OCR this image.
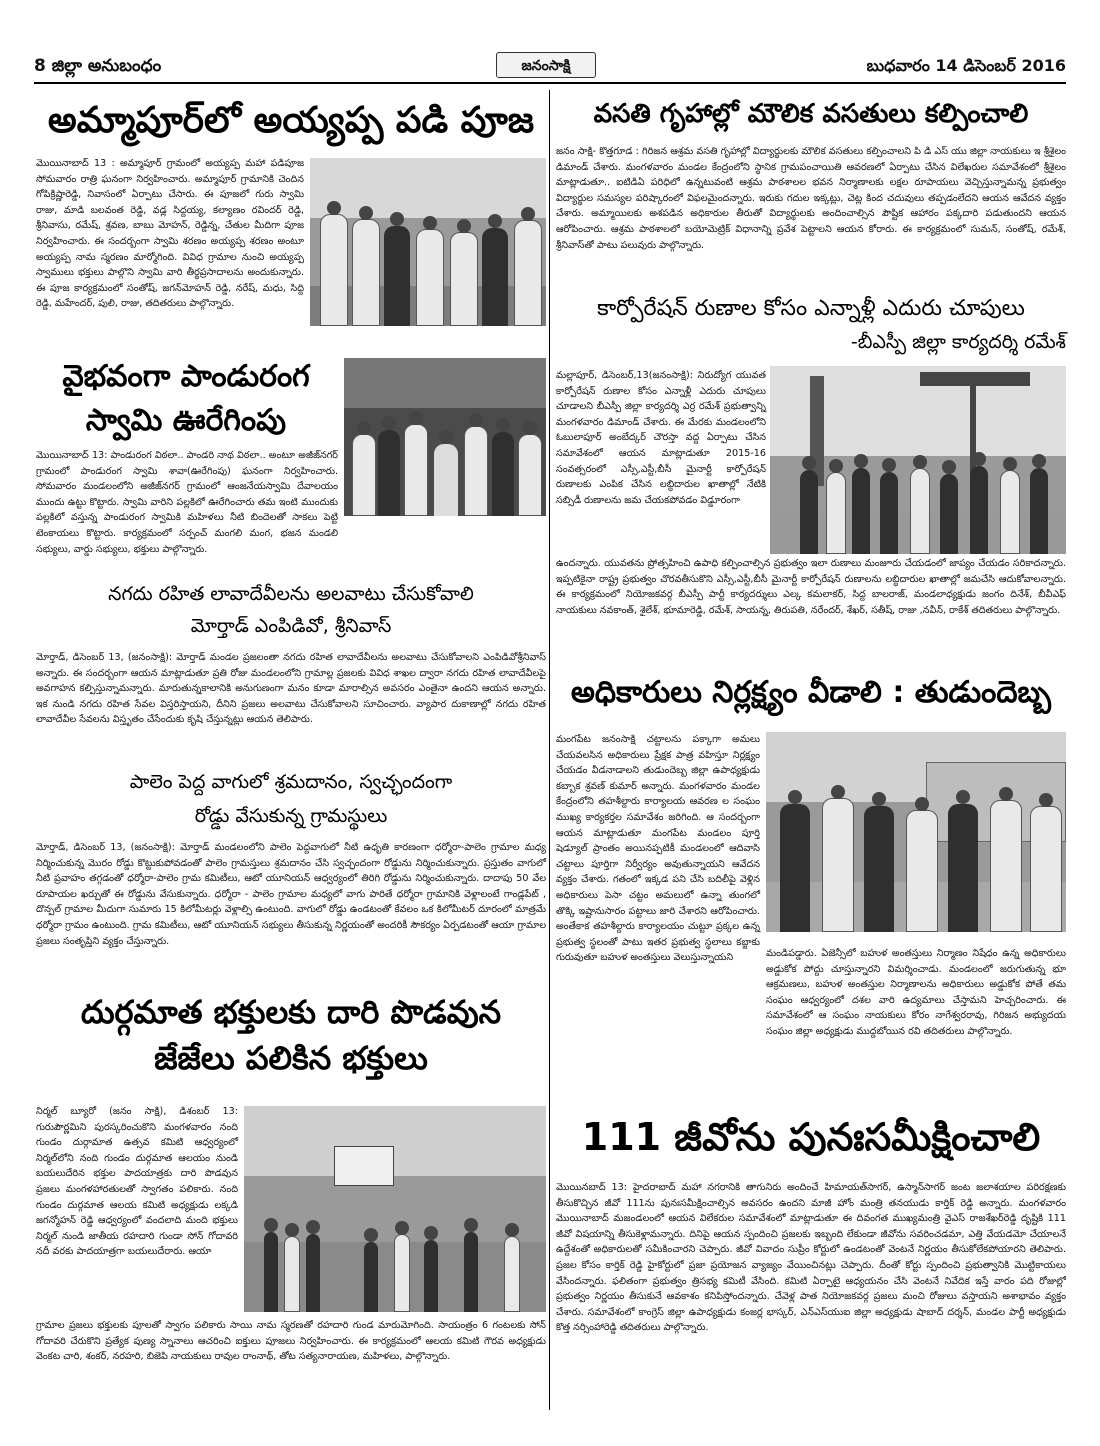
8 జిల్లా అనుబంధం	జనంసాక్షి	బుధవారం 14 డిసెంబర్ 2016
అమ్మాపూర్‌లో అయ్యప్ప పడి పూజ
మొయినాబాద్ 13 : అమ్మాపూర్ గ్రామంలో అయ్యప్ప మహా పడిపూజ సోమవారం రాత్రి ఘనంగా నిర్వహించారు. అమ్మాపూర్ గ్రామానికి చెందిన గోపిక్రిష్ణారెడ్డి, నివాసంలో ఏర్పాటు చేసారు. ఈ పూజలో గురు స్వామి రాజు, మాడి బలవంత రెడ్డి, వడ్ల సిద్దయ్య, కల్యాణం రవిందర్ రెడ్డి, శ్రీనివాసు, రమేష్, శ్రవణ, బాబు మోహన్, రెడ్డిన్న, చేతుల మీదిగా పూజ నిర్వహించారు. ఈ సందర్బంగా స్వామి శరణం అయ్యప్ప శరణం అంటూ అయ్యప్ప నామ స్మరణం మార్మోగింది. వివిధ గ్రామాల నుంచి అయ్యప్ప స్వాములు భక్తులు పాల్గొని స్వామి వారి తీర్థప్రసాదాలను అందుకున్నారు. ఈ పూజ కార్యక్రమంలో సంతోష్, జగన్‌మోహన్ రెడ్డి, నరేష్, మధు, సిద్ది రెడ్డి, మహేందర్, పులి, రాజు, తదితరులు పాల్గొన్నారు.
వైభవంగా పాండురంగ
స్వామి ఊరేగింపు
మొయినాబాద్ 13: పాండురంగ విఠలా.. పాండరి నాథ విఠలా.. అంటూ అజీజ్‌నగర్ గ్రామంలో పాండురంగ స్వామి శావా(ఊరేగింపు) ఘనంగా నిర్వహించారు. సోమవారం మండలంలోని అజీజ్‌నగర్ గ్రామంలో ఆంజనేయస్వామి దేవాలయం ముందు ఉట్టు కొట్టారు. స్వామి వారిని పల్లకిలో ఊరేగించారు తమ ఇంటి ముందుకు పల్లకిలో వస్తున్న పాండురంగ స్వామికి మహిళలు నీటి బిందెలతో సాకలు పెట్టి టెంకాయలు కొట్టారు. కార్యక్రమంలో సర్పంచ్ మంగలి మంగ, భజన మండలి సభ్యులు, వార్డు సభ్యులు, భక్తులు పాల్గొన్నారు.
నగదు రహిత లావాదేవీలను అలవాటు చేసుకోవాలి
మోర్తాడ్ ఎంపిడివో, శ్రీనివాస్
మోర్తాడ్, డిసెంబర్ 13, (జనంసాక్షి): మోర్తాడ్ మండల ప్రజలంతా నగదు రహిత లావాదేవీలను అలవాటు చేసుకోవాలని ఎంపిడివోశ్రీనివాస్ అన్నారు. ఈ సందర్బంగా ఆయన మాట్లాడుతూ ప్రతి రోజు మండలంలోని గ్రామాల్ల ప్రజలకు వివిధ శాఖల ద్వారా నగదు రహిత లావాదేవీలపై అవగాహన కల్పిస్తున్నామన్నారు. మారుతున్నకాలానికి అనుగుణంగా మనం కూడా మారాల్సిన అవసరం ఎంతైనా ఉందని ఆయన అన్నారు. ఇక నుండి నగదు రహిత సేవల విస్తరిస్తాయని, దీనిని ప్రజలు అలవాటు చేసుకోవాలని సూచించారు. వ్యాపార దుకాణాల్లో నగదు రహిత లావాదేవీల సేవలను విస్తృతం చేసేందుకు కృషి చేస్తున్నట్లు ఆయన తెలిపారు.
పాలెం పెద్ద వాగులో శ్రమదానం, స్వచ్ఛందంగా
రోడ్డు వేసుకున్న గ్రామస్థులు
మోర్తాడ్, డిసెంబర్ 13, (జనంసాక్షి): మోర్తాడ్ మండలంలోని పాలెం పెద్దవాగులో నీటి ఉధృతి కారణంగా ధర్మోరా-పాలెం గ్రామాల మధ్య నిర్మించుకున్న మొరం రోడ్డు కొట్టుకుపోవడంతో పాలెం గ్రామస్తులు శ్రమదానం చేసి స్వచ్ఛందంగా రోడ్డును నిర్మించుకున్నారు. ప్రస్తుతం వాగులో నీటి ప్రవాహం తగ్గడంతో ధర్మోరా-పాలెం గ్రామ కమిటీలు, ఆటో యూనియన్ ఆధ్వర్యంలో తిరిగి రోడ్డును నిర్మించుకున్నారు. దాదాపు 50 వేల రూపాయల ఖర్చుతో ఈ రోడ్డును వేసుకున్నారు. ధర్మోరా - పాలెం గ్రామాల మధ్యలో వాగు పారితే ధర్మోరా గ్రామానికి వెళ్లాలంటే గాండ్లపేట్ , దొన్పల్ గ్రామాల మీదుగా సుమారు 15 కిలోమీటర్లు వెళ్లాల్సి ఉంటుంది. వాగులో రోడ్డు ఉండటంతో కేవలం ఒక కిలోమీటర్ దూరంలో మాత్రమే ధర్మోరా గ్రామం ఉంటుంది. గ్రామ కమిటీలు, ఆటో యూనియన్ సభ్యులు తీసుకున్న నిర్ణయంతో అందరికీ సౌకర్యం ఏర్పడటంతో ఆయా గ్రామాల ప్రజలు సంతృప్తిని వ్యక్తం చేస్తున్నారు.
దుర్గమాత భక్తులకు దారి పొడవున
జేజేలు పలికిన భక్తులు
నిర్మల్ బ్యూరో (జనం సాక్షి), డిశంబర్ 13: గురుపౌర్ణమిని పురస్కరించుకొని మంగళవారం నంది గుండం దుర్గామాత ఉత్సవ కమిటి ఆధ్వర్యంలో నిర్మల్‌లోని నంది గుండం దుర్గమాత ఆలయం నుండి బయలుదేరిన భక్తుల పాదయాత్రకు దారి పొడవున ప్రజలు మంగళహారతులతో స్వాగతం పలికారు. నంది గుండం దుర్గమాత ఆలయ కమిటి అధ్యక్షుడు లక్కడి జగన్మోహన్ రెడ్డి ఆధ్వర్యంలో వందలాది మంది భక్తులు నిర్మల్ నుండి జాతీయ రహదారి గుండా సోన్ గోదావరి నదీ వరకు పాదయాత్రగా బయలుదేరారు. ఆయా
గ్రామాల ప్రజలు భక్తులకు పూలతో స్వాగం పలికారు సాయి నామ స్మరణతో రహదారి గుండ మారుమోగింది. సాయంత్రం 6 గంటలకు సోన్ గోదావరి చేరుకొని ప్రత్యేక పుణ్య స్నానాలు ఆచరించి ఐక్తులు పూజలు నిర్వహించారు. ఈ కార్యక్రమంలో ఆలయ కమిటి గౌరవ అధ్యక్షుడు వెంకట చారి, శంకర్, నరహరి, బిజెపి నాయకులు రావుల రాంనాథ్, తోట సత్యనారాయణ, మహిళలు, పాల్గొన్నారు.
వసతి గృహాల్లో మౌలిక వసతులు కల్పించాలి
జనం సాక్షి- కొత్తగూడ : గిరిజన ఆశ్రమ వసతి గృహాల్లో విద్యార్థులకు మౌలిక వసతులు కల్పించాలని పి డి ఎస్ యు జిల్లా నాయకులు ఇ శ్రీశైలం డిమాండ్ చేశారు. మంగళవారం మండల కేంద్రంలోని స్థానిక గ్రామపంచాయితి ఆవరణలో ఏర్పాటు చేసిన విలేఖరుల సమావేశంలో శ్రీశైలం మాట్లాడుతూ.. ఐటిడిఏ పరిధిలో ఉన్నటువంటి ఆశ్రమ పాఠశాలల భవన నిర్మాణాలకు లక్షల రూపాయలు వెచ్చిస్తున్నామన్న ప్రభుత్వం విద్యార్థుల సమస్యల పరిష్కారంలో విఫలమైందన్నారు. ఇరుకు గదుల ఇక్కట్లు, చెట్ల కింద చదువులు తప్పడంలేదని ఆయన ఆవేదన వ్యక్తం చేశారు. అమ్మాయిలకు అశపడిన అధికారుల తీరుతో విద్యార్థులకు అందించాల్సిన పౌష్టిక ఆహారం పక్కదారి పడుతుందని ఆయన ఆరోపించారు. ఆశ్రమ పాఠశాలలో బయోమెట్రిక్ విధానాన్ని ప్రవేశ పెట్టాలని ఆయన కోరారు. ఈ కార్యక్రమంలో సుమన్, సంతోష్, రమేశ్, శ్రీనివాస్‌తో పాటు పలువురు పాల్గొన్నారు.
కార్పోరేషన్ రుణాల కోసం ఎన్నాళ్లీ ఎదురు చూపులు
-బీఎస్పీ జిల్లా కార్యదర్శి రమేశ్
మల్లాపూర్, డిసెంబర్,13(జనంసాక్షి): నిరుద్యోగ యువత కార్పోరేషన్ రుణాల కోసం ఎన్నాళ్లీ ఎదురు చూపులు చూడాలని బీఎస్పీ జిల్లా కార్యదర్శి ఎర్ర రమేశ్ ప్రభుత్వాన్ని మంగళవారం డిమాండ్ చేశారు. ఈ మేరకు మండలంలోని ఓబులాపూర్ అంబేద్కర్ చౌరస్తా వద్ద ఏర్పాటు చేసిన సమావేశంలో ఆయన మాట్లాడుతూ 2015-16 సంవత్సరంలో ఎస్సీ,ఎస్టీ,బీసీ మైనార్టీ కార్పోరేషన్ రుణాలకు ఎంపిక చేసిన లబ్ధిదారుల ఖాతాల్లో నేటికి సబ్సిడీ రుణాలను జమ చేయకపోవడం విడ్డూరంగా
ఉందన్నారు. యువతను ప్రోత్సహించి ఉపాధి కల్పించాల్సిన ప్రభుత్వం ఇలా రుణాలు మంజూరు చేయడంలో జాప్యం చేయడం సరికాదన్నారు. ఇప్పటికైనా రాష్ట్ర ప్రభుత్వం చొరవతీసుకొని ఎస్సీ,ఎస్టీ,బీసీ మైనార్టీ కార్పోరేషన్ రుణాలను లబ్ధిదారుల ఖాతాల్లో జమచేసి ఆదుకోవాలన్నారు. ఈ కార్యక్రమంలో నియోజకవర్గ బీఎస్పీ పార్టీ కార్యదర్శులు ఎల్క కమలాకర్, సిద్ద బాలరాజ్, మండలాధ్యక్షుడు జంగం దినేశ్, బీవీఎఫ్ నాయకులు నవకాంత్, శైలేశ్, భూమారెడ్డి, రమేశ్, సాయన్న, తిరుపతి, నరేందర్, శేఖర్, సతీష్, రాజు ,నవీన్, రాకేశ్ తదితరులు పాల్గొన్నారు.
అధికారులు నిర్లక్ష్యం వీడాలి : తుడుందెబ్బ
మంగపేట జనంసాక్షి చట్టాలను పక్కాగా అమలు చేయవలసిన అధికారులు ప్రేక్షక పాత్ర వహిస్తూ నిర్లక్ష్యం చేయడం వీడనాడాలని తుడుందెబ్బ జిల్లా ఉపాధ్యక్షుడు కబ్బాక శ్రవణ్ కుమార్ అన్నారు. మంగళవారం మండల కేంద్రంలోని తహశీల్దారు కార్యాలయ ఆవరణ ల సంఘం ముఖ్య కార్యకర్తల సమావేశం జరిగింది. ఆ సందర్బంగా ఆయన మాట్లాడుతూ మంగపేట మండలం పూర్తి షెడ్యూల్ ప్రాంతం అయినప్పటికీ మండలంలో ఆదివాసి చట్టాలు పూర్తిగా నిర్వీర్యం అవుతున్నాయని ఆవేదన వ్యక్తం చేశారు. గతంలో ఇక్కడ పని చేసి బదిలీపై వెళ్లిన అధికారులు పెసా చట్టం అమలులో ఉన్నా తుంగలో తొక్కి ఇష్టానుసారం పట్టాలు జారి చేశారని ఆరోపించారు. అంతేకాక తహశీల్దారు కార్యాలయం చుట్టూ ప్రక్కల ఉన్న ప్రభుత్వ స్థలంతో పాటు ఇతర ప్రభుత్వ స్థలాలు కబ్జాకు గురువుతూ బహుళ అంతస్తులు వెలుస్తున్నాయని	మండిపడ్డారు. ఏజెన్సీలో బహుళ అంతస్తులు నిర్మాణం నిషేధం ఉన్న అధికారులు అడ్డుకోక పోద్దు చూస్తున్నారని విమర్శించాడు. మండలంలో జరుగుతున్న భూ ఆక్రమణలు, బహుళ అంతస్తుల నిర్మాణాలను అధికారులు అడ్డుకోక పోతే తమ సంఘం ఆధ్వర్యంలో దశల వారి ఉద్యమాలు చేస్తామని హెచ్చరించారు. ఈ సమావేశంలో ఆ సంఘం నాయకులు కోరం నాగేశ్వరరావు, గిరిజన అభ్యుదయ సంఘం జిల్లా అధ్యక్షుడు ముద్దబోయిన రవి తదితరులు పాల్గొన్నారు.
111 జీవోను పునఃసమీక్షించాలి
మొయినబాద్ 13: హైదరాబాద్ మహా నగరానికి తాగునిరు అందించే హిమాయత్‌సాగర్, ఉస్మాన్‌సాగర్ జంట జలాశయాల పరిరక్షణకు తీసుకొచ్చిన జీవో 111ను పునఃసమీక్షించాల్సిన అవసరం ఉందని మాజీ హోం మంత్రి తనయుడు కార్తిక్ రెడ్డి అన్నారు. మంగళవారం మొయినాబాద్ మజండలంలో ఆయన విలేకరుల సమావేశంలో మాట్లాడుతూ ఈ దివంగత ముఖ్యమంత్రి వైఎస్ రాజశేఖర్‌రెడ్డి దృష్టికి 111 జీవో విషయాన్ని తీసుకెళ్లామన్నారు. దినిపై ఆయన స్పందించి ప్రజలకు ఇబ్బంది లేకుండా జీవోను సవరించడమా, ఎత్తి వేయడమో చేయాలనే ఉద్దేశంతో అధికారులతో సమీకించారని చెప్పారు. జీవో వివాదం సుప్రీం కోర్టులో ఉండటంతో వెంటనే నిర్ణయం తీసుకోలేకపోయారని తెలిపారు. ప్రజల కోసం కార్తిక్ రెడ్డి హైకోర్టులో ప్రజా ప్రయోజన వ్యాజ్యం వేయించినట్లు చెప్పారు. దీంతో కోర్టు స్పందించి ప్రభుత్వానికి మొట్టికాయలు వేసిందన్నారు. ఫలితంగా ప్రభుత్వం త్రిసభ్య కమిటీ వేసింది. కమిటి ఏర్పాటై ఆధ్యయనం చేసి వెంటనే నివేదిక ఇస్తే వారం పది రోజుల్లో ప్రభుత్వం నిర్ణయం తీసుకునే ఆవకాశం కనిపిస్తోందన్నారు. చేవెళ్ల పాత నియోజకవర్గ ప్రజలు మంచి రోజులు వస్తాయని అశాభావం వ్యక్తం చేశారు. సమావేశంలో కాంగ్రెస్ జిల్లా ఉపాధ్యక్షుడు కంజర్ల భాస్కర్, ఎన్‌ఎస్‌యుఐ జిల్లా అధ్యక్షుడు షాబాద్ దర్శన్, మండల పార్టీ అధ్యక్షుడు కొత్త నర్సింహారెడ్డి తదితరులు పాల్గొన్నారు.
